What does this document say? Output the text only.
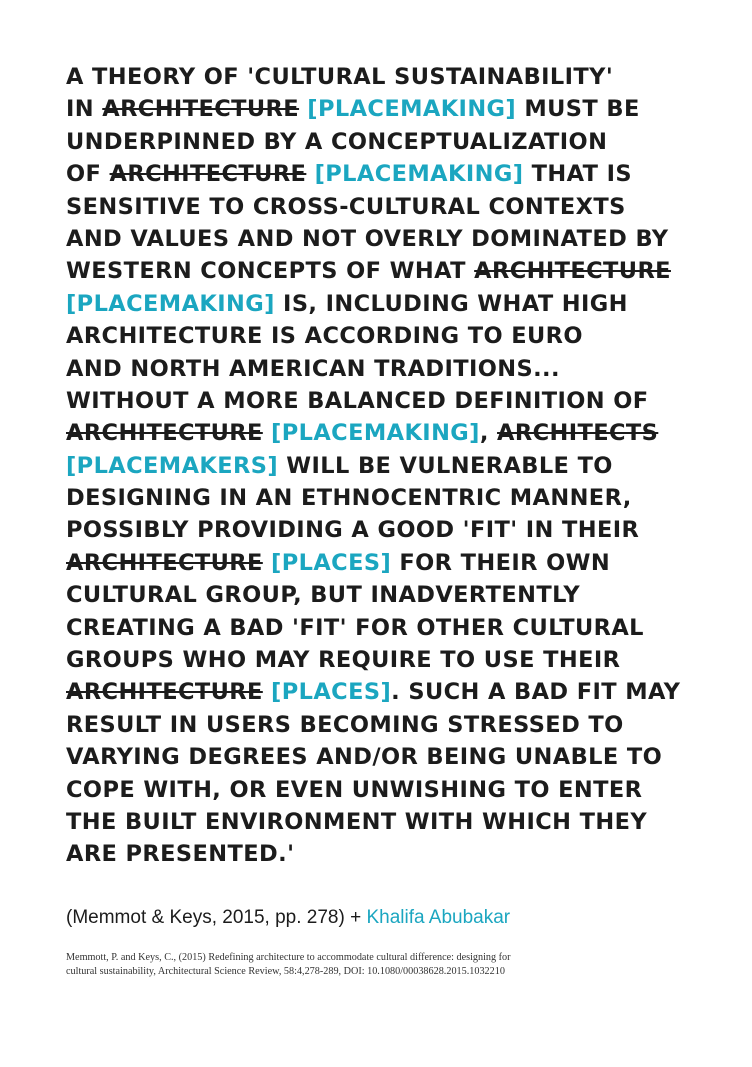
A THEORY OF 'CULTURAL SUSTAINABILITY'
IN ARCHITECTURE [PLACEMAKING] MUST BE
UNDERPINNED BY A CONCEPTUALIZATION
OF ARCHITECTURE [PLACEMAKING] THAT IS
SENSITIVE TO CROSS-CULTURAL CONTEXTS
AND VALUES AND NOT OVERLY DOMINATED BY
WESTERN CONCEPTS OF WHAT ARCHITECTURE
[PLACEMAKING] IS, INCLUDING WHAT HIGH
ARCHITECTURE IS ACCORDING TO EURO
AND NORTH AMERICAN TRADITIONS...
WITHOUT A MORE BALANCED DEFINITION OF
ARCHITECTURE [PLACEMAKING], ARCHITECTS
[PLACEMAKERS] WILL BE VULNERABLE TO
DESIGNING IN AN ETHNOCENTRIC MANNER,
POSSIBLY PROVIDING A GOOD 'FIT' IN THEIR
ARCHITECTURE [PLACES] FOR THEIR OWN
CULTURAL GROUP, BUT INADVERTENTLY
CREATING A BAD 'FIT' FOR OTHER CULTURAL
GROUPS WHO MAY REQUIRE TO USE THEIR
ARCHITECTURE [PLACES]. SUCH A BAD FIT MAY
RESULT IN USERS BECOMING STRESSED TO
VARYING DEGREES AND/OR BEING UNABLE TO
COPE WITH, OR EVEN UNWISHING TO ENTER
THE BUILT ENVIRONMENT WITH WHICH THEY
ARE PRESENTED.'
(Memmot & Keys, 2015, pp. 278) + Khalifa Abubakar
Memmott, P. and Keys, C., (2015) Redefining architecture to accommodate cultural difference: designing for
cultural sustainability, Architectural Science Review, 58:4,278-289, DOI: 10.1080/00038628.2015.1032210
